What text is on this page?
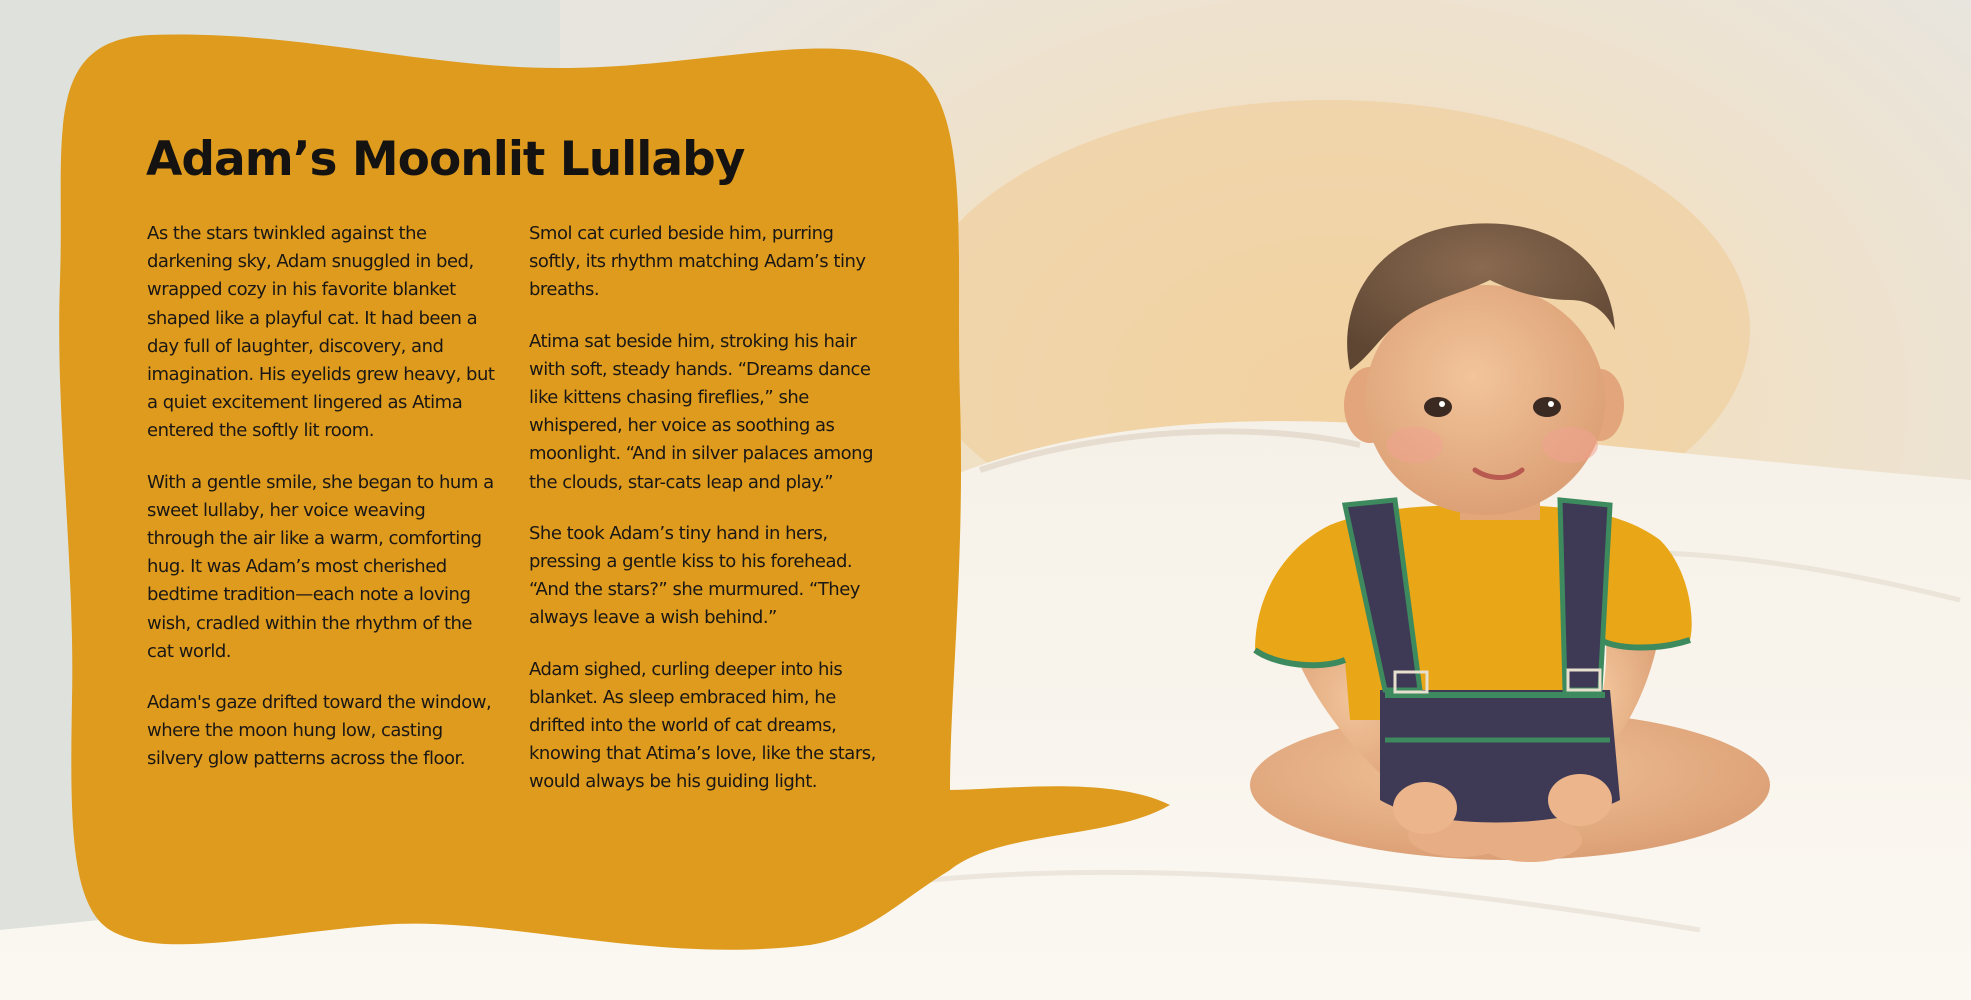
Adam’s Moonlit Lullaby

As the stars twinkled against the darkening sky, Adam snuggled in bed, wrapped cozy in his favorite blanket shaped like a playful cat. It had been a day full of laughter, discovery, and imagination. His eyelids grew heavy, but a quiet excitement lingered as Atima entered the softly lit room.

With a gentle smile, she began to hum a sweet lullaby, her voice weaving through the air like a warm, comforting hug. It was Adam’s most cherished bedtime tradition—each note a loving wish, cradled within the rhythm of the cat world.

Adam's gaze drifted toward the window, where the moon hung low, casting silvery glow patterns across the floor.

Smol cat curled beside him, purring softly, its rhythm matching Adam’s tiny breaths.

Atima sat beside him, stroking his hair with soft, steady hands. “Dreams dance like kittens chasing fireflies,” she whispered, her voice as soothing as moonlight. “And in silver palaces among the clouds, star-cats leap and play.”

She took Adam’s tiny hand in hers, pressing a gentle kiss to his forehead. “And the stars?” she murmured. “They always leave a wish behind.”

Adam sighed, curling deeper into his blanket. As sleep embraced him, he drifted into the world of cat dreams, knowing that Atima’s love, like the stars, would always be his guiding light.
